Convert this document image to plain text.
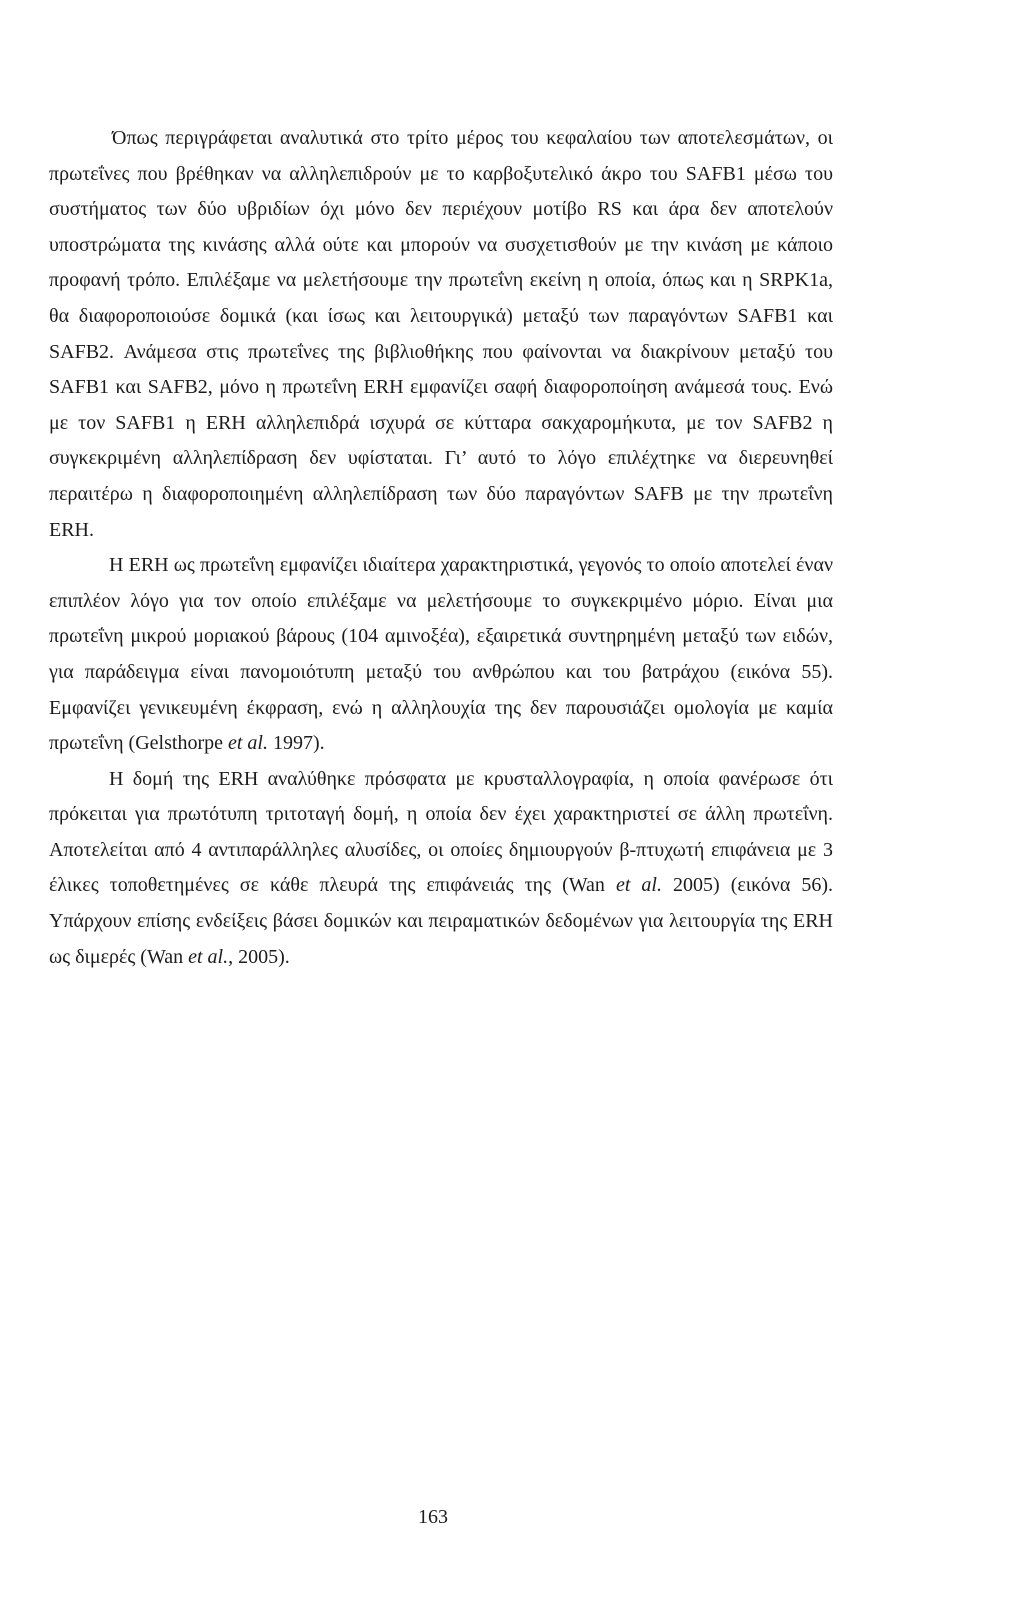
Όπως περιγράφεται αναλυτικά στο τρίτο μέρος του κεφαλαίου των αποτελεσμάτων, οι πρωτεΐνες που βρέθηκαν να αλληλεπιδρούν με το καρβοξυτελικό άκρο του SAFB1 μέσω του συστήματος των δύο υβριδίων όχι μόνο δεν περιέχουν μοτίβο RS και άρα δεν αποτελούν υποστρώματα της κινάσης αλλά ούτε και μπορούν να συσχετισθούν με την κινάση με κάποιο προφανή τρόπο. Επιλέξαμε να μελετήσουμε την πρωτεΐνη εκείνη η οποία, όπως και η SRPK1a, θα διαφοροποιούσε δομικά (και ίσως και λειτουργικά) μεταξύ των παραγόντων SAFB1 και SAFB2. Ανάμεσα στις πρωτεΐνες της βιβλιοθήκης που φαίνονται να διακρίνουν μεταξύ του SAFB1 και SAFB2, μόνο η πρωτεΐνη ERH εμφανίζει σαφή διαφοροποίηση ανάμεσά τους. Ενώ με τον SAFB1 η ERH αλληλεπιδρά ισχυρά σε κύτταρα σακχαρομήκυτα, με τον SAFB2 η συγκεκριμένη αλληλεπίδραση δεν υφίσταται. Γι’ αυτό το λόγο επιλέχτηκε να διερευνηθεί περαιτέρω η διαφοροποιημένη αλληλεπίδραση των δύο παραγόντων SAFB με την πρωτεΐνη ERH.

Η ERH ως πρωτεΐνη εμφανίζει ιδιαίτερα χαρακτηριστικά, γεγονός το οποίο αποτελεί έναν επιπλέον λόγο για τον οποίο επιλέξαμε να μελετήσουμε το συγκεκριμένο μόριο. Είναι μια πρωτεΐνη μικρού μοριακού βάρους (104 αμινοξέα), εξαιρετικά συντηρημένη μεταξύ των ειδών, για παράδειγμα είναι πανομοιότυπη μεταξύ του ανθρώπου και του βατράχου (εικόνα 55). Εμφανίζει γενικευμένη έκφραση, ενώ η αλληλουχία της δεν παρουσιάζει ομολογία με καμία πρωτεΐνη (Gelsthorpe et al. 1997).

Η δομή της ERH αναλύθηκε πρόσφατα με κρυσταλλογραφία, η οποία φανέρωσε ότι πρόκειται για πρωτότυπη τριτοταγή δομή, η οποία δεν έχει χαρακτηριστεί σε άλλη πρωτεΐνη. Αποτελείται από 4 αντιπαράλληλες αλυσίδες, οι οποίες δημιουργούν β-πτυχωτή επιφάνεια με 3 έλικες τοποθετημένες σε κάθε πλευρά της επιφάνειάς της (Wan et al. 2005) (εικόνα 56). Υπάρχουν επίσης ενδείξεις βάσει δομικών και πειραματικών δεδομένων για λειτουργία της ERH ως διμερές (Wan et al., 2005).

163
